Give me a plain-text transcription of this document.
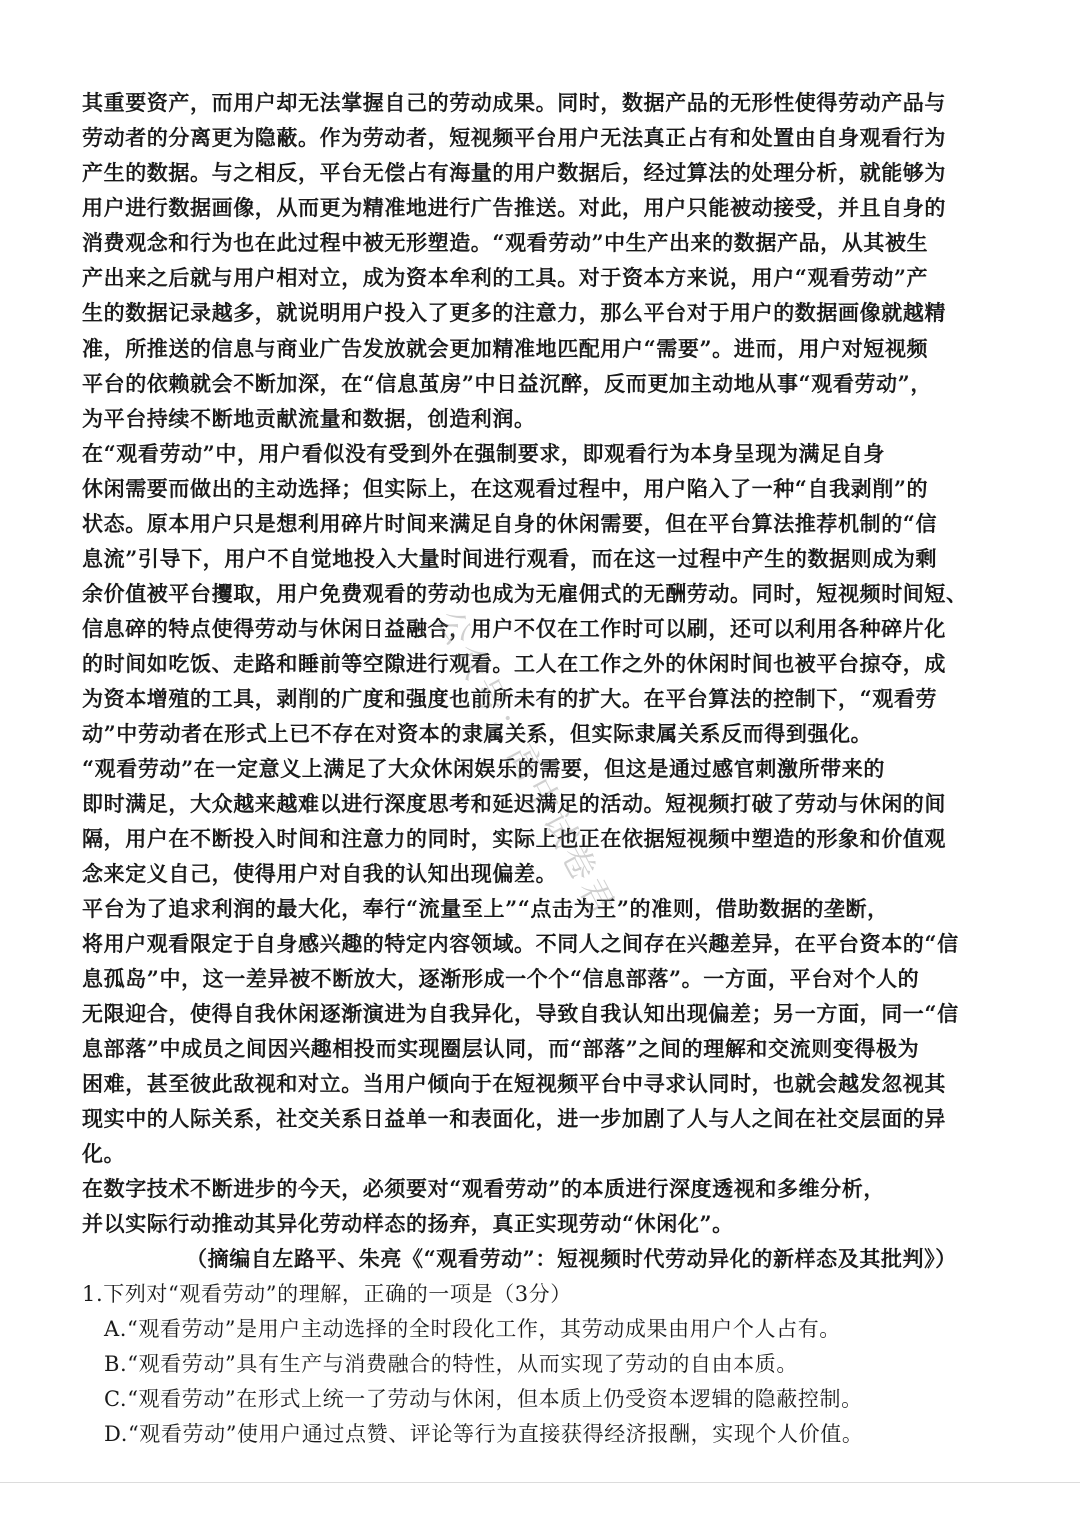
其重要资产，而用户却无法掌握自己的劳动成果。同时，数据产品的无形性使得劳动产品与
劳动者的分离更为隐蔽。作为劳动者，短视频平台用户无法真正占有和处置由自身观看行为
产生的数据。与之相反，平台无偿占有海量的用户数据后，经过算法的处理分析，就能够为
用户进行数据画像，从而更为精准地进行广告推送。对此，用户只能被动接受，并且自身的
消费观念和行为也在此过程中被无形塑造。“观看劳动”中生产出来的数据产品，从其被生
产出来之后就与用户相对立，成为资本牟利的工具。对于资本方来说，用户“观看劳动”产
生的数据记录越多，就说明用户投入了更多的注意力，那么平台对于用户的数据画像就越精
准，所推送的信息与商业广告发放就会更加精准地匹配用户“需要”。进而，用户对短视频
平台的依赖就会不断加深，在“信息茧房”中日益沉醉，反而更加主动地从事“观看劳动”，
为平台持续不断地贡献流量和数据，创造利润。
在“观看劳动”中，用户看似没有受到外在强制要求，即观看行为本身呈现为满足自身
休闲需要而做出的主动选择；但实际上，在这观看过程中，用户陷入了一种“自我剥削”的
状态。原本用户只是想利用碎片时间来满足自身的休闲需要，但在平台算法推荐机制的“信
息流”引导下，用户不自觉地投入大量时间进行观看，而在这一过程中产生的数据则成为剩
余价值被平台攫取，用户免费观看的劳动也成为无雇佣式的无酬劳动。同时，短视频时间短、
信息碎的特点使得劳动与休闲日益融合，用户不仅在工作时可以刷，还可以利用各种碎片化
的时间如吃饭、走路和睡前等空隙进行观看。工人在工作之外的休闲时间也被平台掠夺，成
为资本增殖的工具，剥削的广度和强度也前所未有的扩大。在平台算法的控制下，“观看劳
动”中劳动者在形式上已不存在对资本的隶属关系，但实际隶属关系反而得到强化。
“观看劳动”在一定意义上满足了大众休闲娱乐的需要，但这是通过感官刺激所带来的
即时满足，大众越来越难以进行深度思考和延迟满足的活动。短视频打破了劳动与休闲的间
隔，用户在不断投入时间和注意力的同时，实际上也正在依据短视频中塑造的形象和价值观
念来定义自己，使得用户对自我的认知出现偏差。
平台为了追求利润的最大化，奉行“流量至上”“点击为王”的准则，借助数据的垄断，
将用户观看限定于自身感兴趣的特定内容领域。不同人之间存在兴趣差异，在平台资本的“信
息孤岛”中，这一差异被不断放大，逐渐形成一个个“信息部落”。一方面，平台对个人的
无限迎合，使得自我休闲逐渐演进为自我异化，导致自我认知出现偏差；另一方面，同一“信
息部落”中成员之间因兴趣相投而实现圈层认同，而“部落”之间的理解和交流则变得极为
困难，甚至彼此敌视和对立。当用户倾向于在短视频平台中寻求认同时，也就会越发忽视其
现实中的人际关系，社交关系日益单一和表面化，进一步加剧了人与人之间在社交层面的异
化。
在数字技术不断进步的今天，必须要对“观看劳动”的本质进行深度透视和多维分析，
并以实际行动推动其异化劳动样态的扬弃，真正实现劳动“休闲化”。
（摘编自左路平、朱亮《“观看劳动”：短视频时代劳动异化的新样态及其批判》）
1.下列对“观看劳动”的理解，正确的一项是（3分）
A.“观看劳动”是用户主动选择的全时段化工作，其劳动成果由用户个人占有。
B.“观看劳动”具有生产与消费融合的特性，从而实现了劳动的自由本质。
C.“观看劳动”在形式上统一了劳动与休闲，但本质上仍受资本逻辑的隐蔽控制。
D.“观看劳动”使用户通过点赞、评论等行为直接获得经济报酬，实现个人价值。
公众号：高中试卷君
